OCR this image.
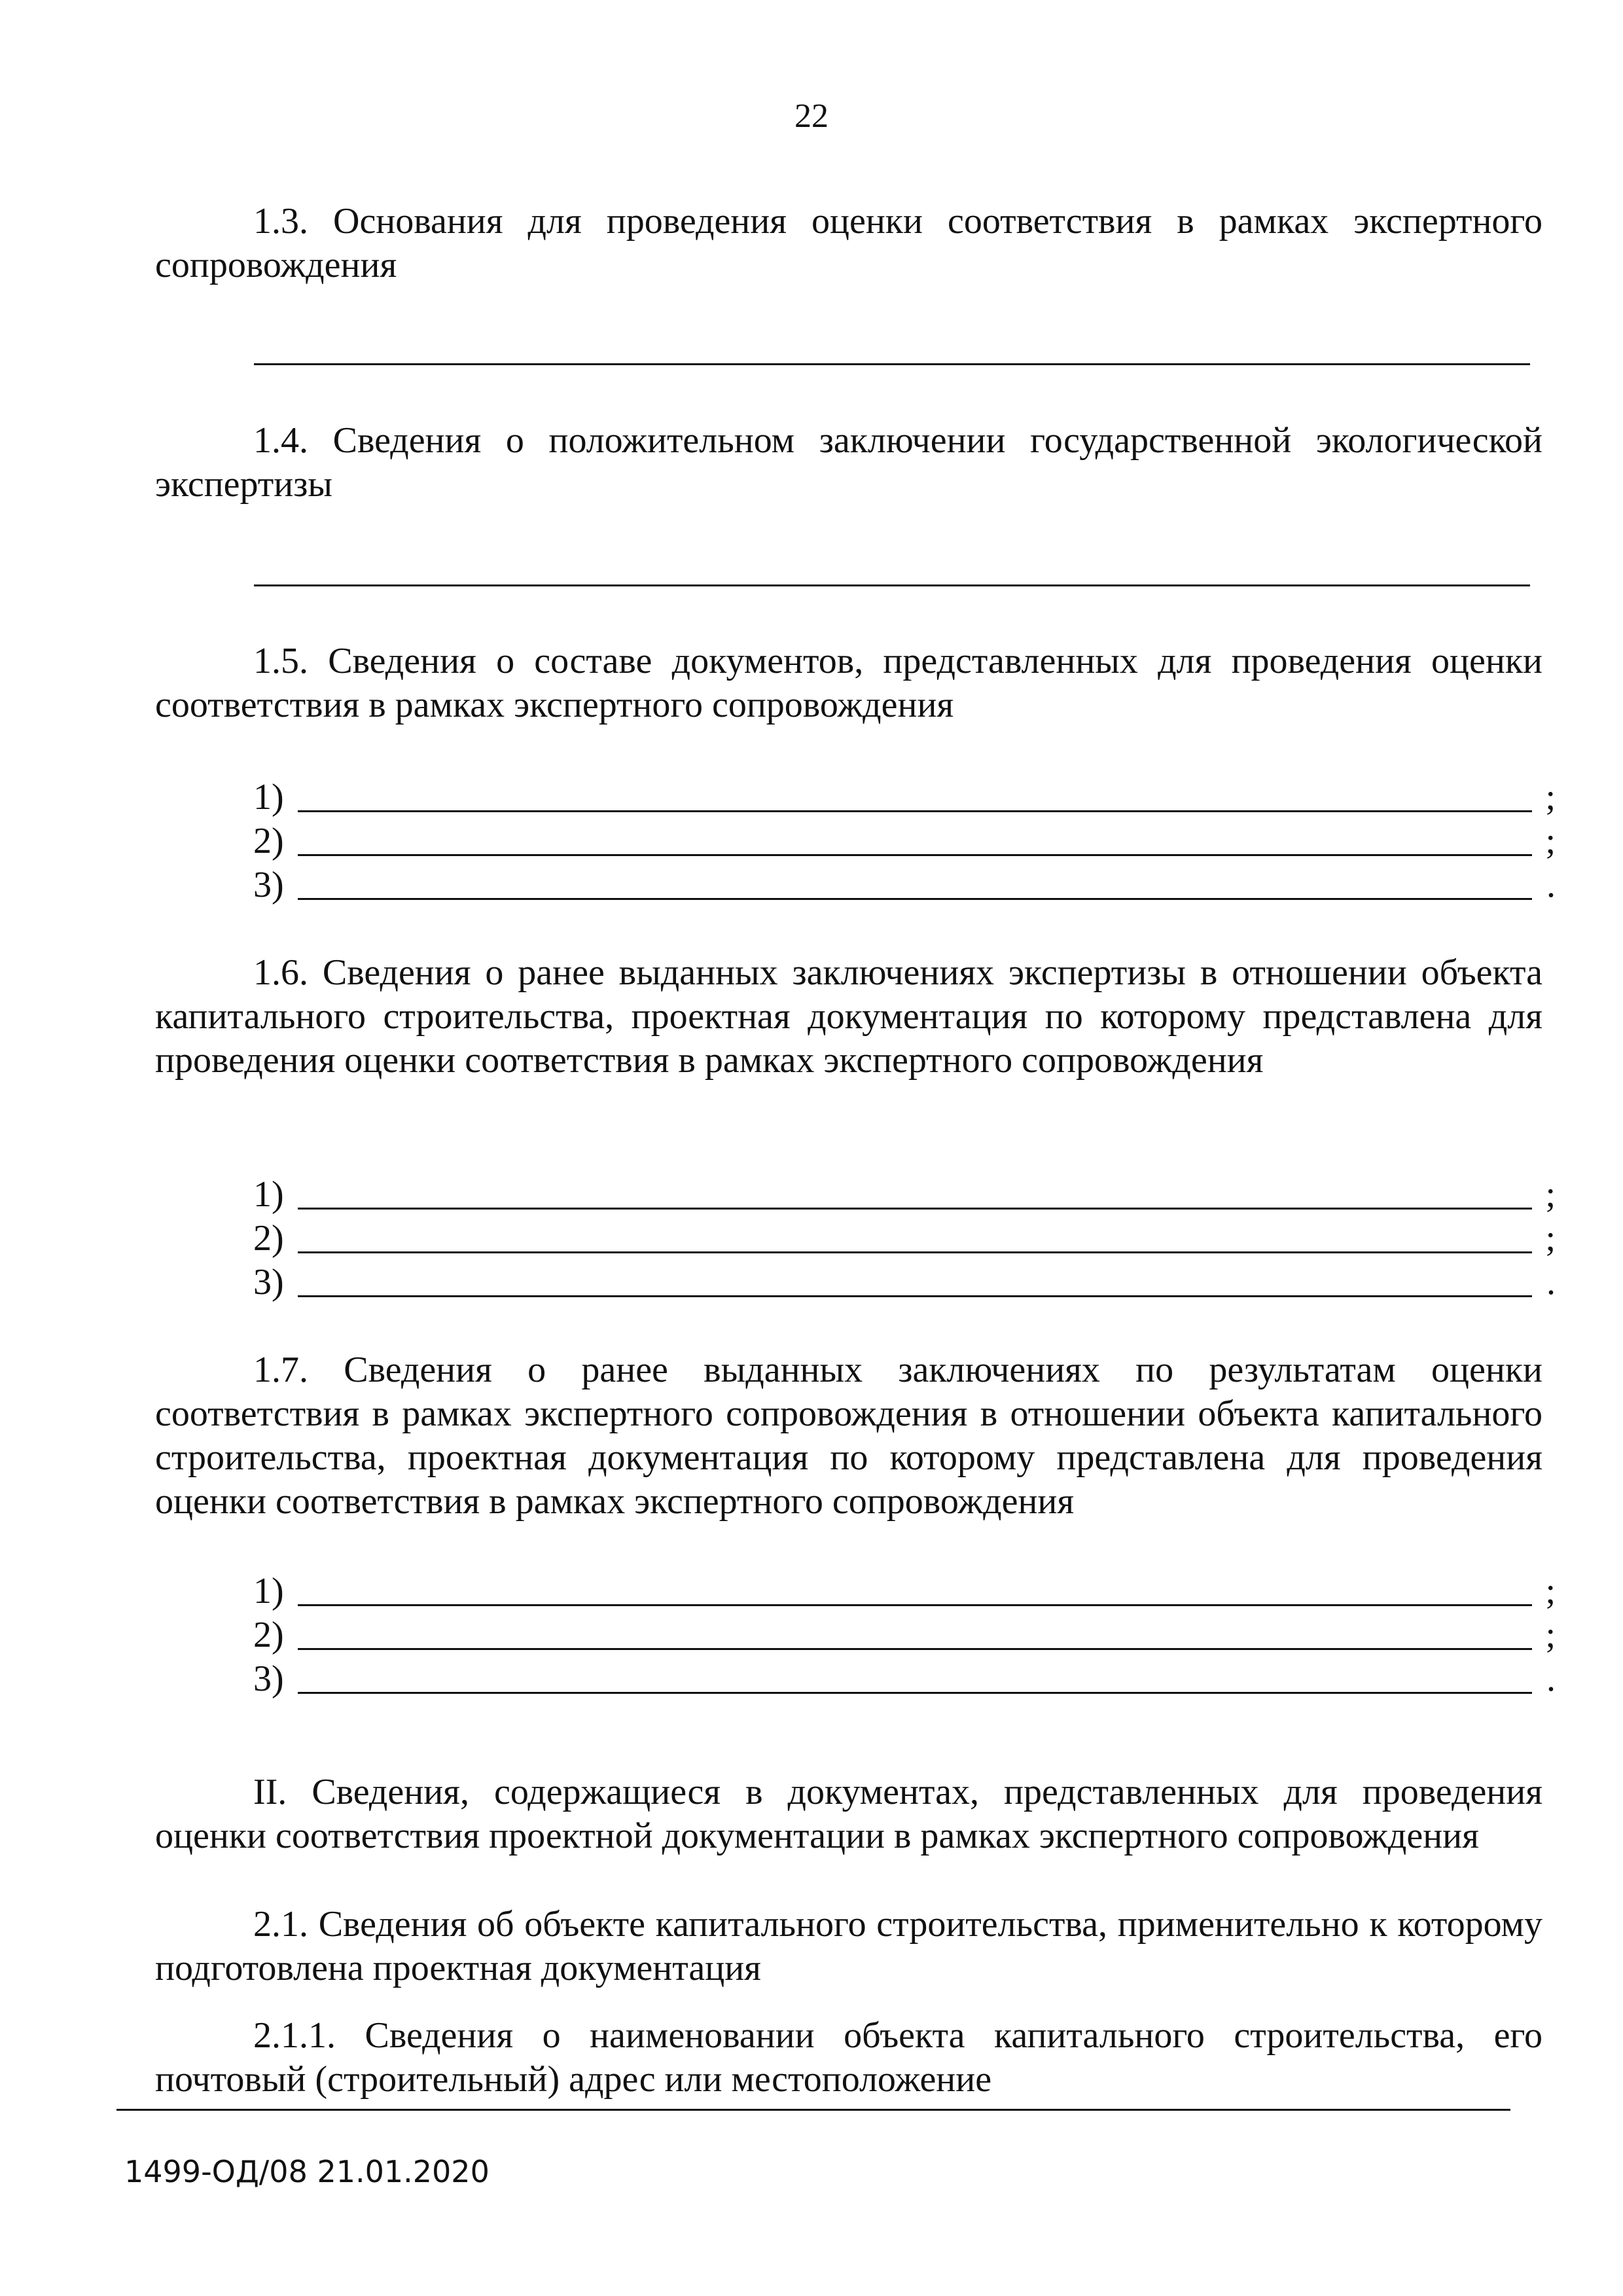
22

1.3. Основания для проведения оценки соответствия в рамках экспертного сопровождения

1.4. Сведения о положительном заключении государственной экологической экспертизы

1.5. Сведения о составе документов, представленных для проведения оценки соответствия в рамках экспертного сопровождения

1)	;
2)	;
3)	.

1.6. Сведения о ранее выданных заключениях экспертизы в отношении объекта капитального строительства, проектная документация по которому представлена для проведения оценки соответствия в рамках экспертного сопровождения

1)	;
2)	;
3)	.

1.7. Сведения о ранее выданных заключениях по результатам оценки соответствия в рамках экспертного сопровождения в отношении объекта капитального строительства, проектная документация по которому представлена для проведения оценки соответствия в рамках экспертного сопровождения

1)	;
2)	;
3)	.

II. Сведения, содержащиеся в документах, представленных для проведения оценки соответствия проектной документации в рамках экспертного сопровождения

2.1. Сведения об объекте капитального строительства, применительно к которому подготовлена проектная документация

2.1.1. Сведения о наименовании объекта капитального строительства, его почтовый (строительный) адрес или местоположение

1499-ОД/08 21.01.2020
